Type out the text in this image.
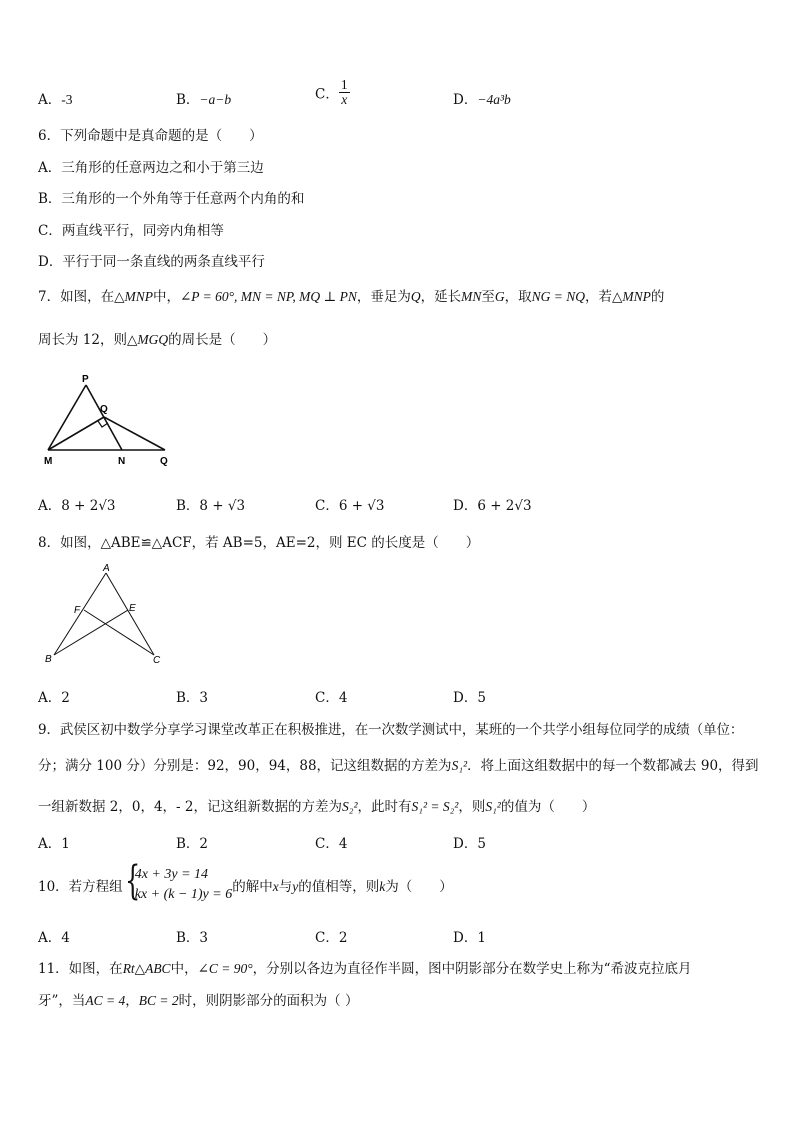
A．-3	B．−a−b	C． $\frac{1}{x}$	D．−4a³b
6．下列命题中是真命题的是（　　）
A．三角形的任意两边之和小于第三边
B．三角形的一个外角等于任意两个内角的和
C．两直线平行，同旁内角相等
D．平行于同一条直线的两条直线平行
7．如图，在△MNP中，∠P = 60°, MN = NP, MQ ⊥ PN，垂足为Q，延长MN至G，取NG = NQ，若△MNP的
周长为 12，则△MGQ的周长是（　　）
P
Q
M	N	Q
A．8 + 2√3	B．8 + √3	C．6 + √3	D．6 + 2√3
8．如图，△ABE≌△ACF，若 AB=5，AE=2，则 EC 的长度是（　　）
A
F	E
B	C
A．2	B．3	C．4	D．5
9．武侯区初中数学分享学习课堂改革正在积极推进，在一次数学测试中，某班的一个共学小组每位同学的成绩（单位：
分；满分 100 分）分别是：92，90，94，88，记这组数据的方差为S₁²．将上面这组数据中的每一个数都减去 90，得到
一组新数据 2，0，4，- 2，记这组新数据的方差为S₂²，此时有S₁² = S₂²，则S₁²的值为（　　）
A．1	B．2	C．4	D．5
10．若方程组 {
4x + 3y = 14
kx + (k − 1)y = 6 的解中x与y的值相等，则k为（　　）
A．4	B．3	C．2	D．1
11．如图，在Rt△ABC中，∠C = 90°，分别以各边为直径作半圆，图中阴影部分在数学史上称为“希波克拉底月
牙”，当AC = 4，BC = 2时，则阴影部分的面积为（ ）
